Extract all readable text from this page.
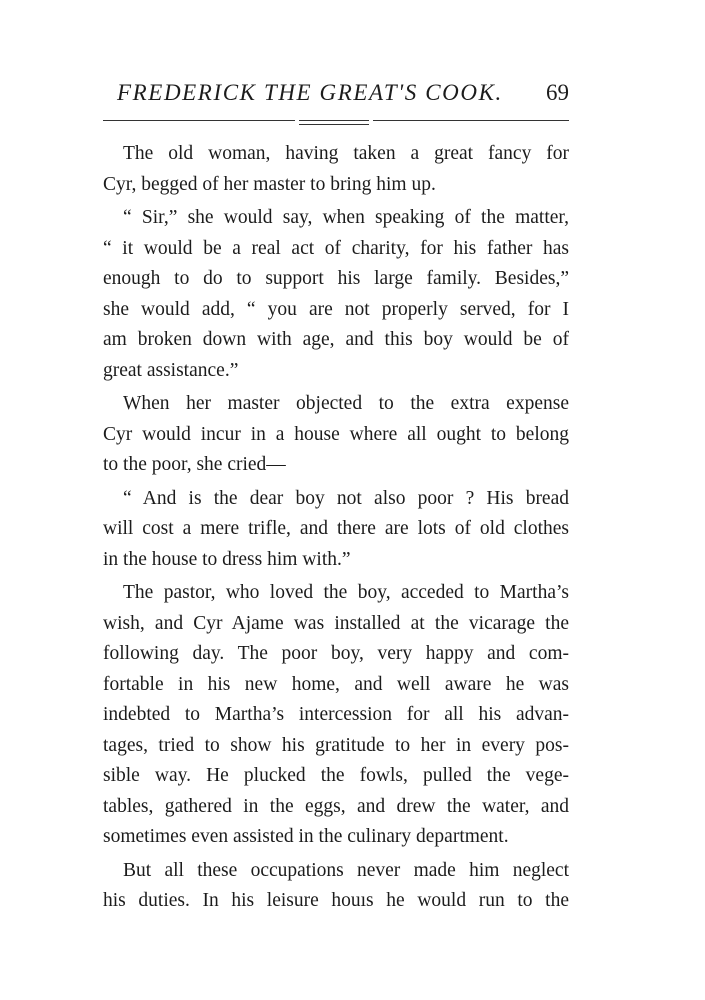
FREDERICK THE GREAT'S COOK. 69
The old woman, having taken a great fancy for
Cyr, begged of her master to bring him up.
“ Sir,” she would say, when speaking of the matter,
“ it would be a real act of charity, for his father has
enough to do to support his large family. Besides,”
she would add, “ you are not properly served, for I
am broken down with age, and this boy would be of
great assistance.”
When her master objected to the extra expense
Cyr would incur in a house where all ought to belong
to the poor, she cried—
“ And is the dear boy not also poor ? His bread
will cost a mere trifle, and there are lots of old clothes
in the house to dress him with.”
The pastor, who loved the boy, acceded to Martha’s
wish, and Cyr Ajame was installed at the vicarage the
following day. The poor boy, very happy and com-
fortable in his new home, and well aware he was
indebted to Martha’s intercession for all his advan-
tages, tried to show his gratitude to her in every pos-
sible way. He plucked the fowls, pulled the vege-
tables, gathered in the eggs, and drew the water, and
sometimes even assisted in the culinary department.
But all these occupations never made him neglect
his duties. In his leisure houıs he would run to the
